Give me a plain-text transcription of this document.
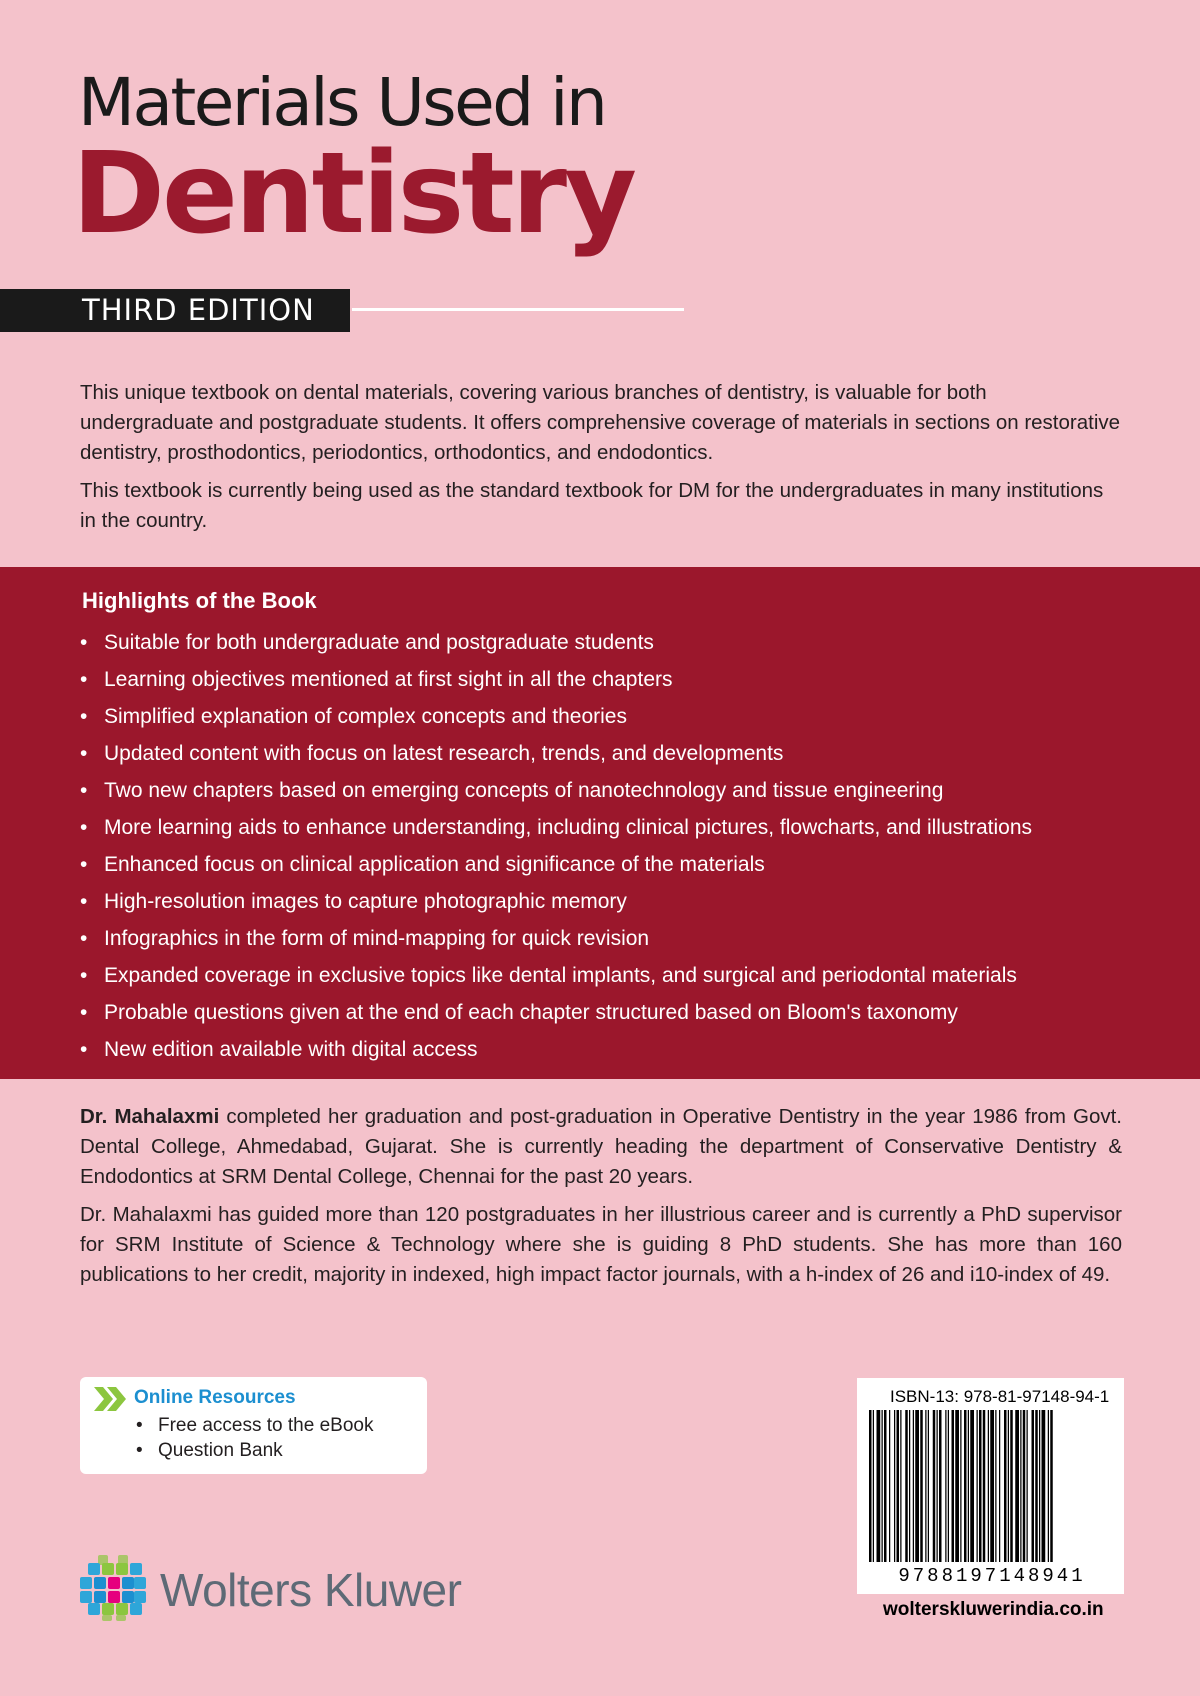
Materials Used in
Dentistry
THIRD EDITION

This unique textbook on dental materials, covering various branches of dentistry, is valuable for both undergraduate and postgraduate students. It offers comprehensive coverage of materials in sections on restorative dentistry, prosthodontics, periodontics, orthodontics, and endodontics.

This textbook is currently being used as the standard textbook for DM for the undergraduates in many institutions in the country.

Highlights of the Book
• Suitable for both undergraduate and postgraduate students
• Learning objectives mentioned at first sight in all the chapters
• Simplified explanation of complex concepts and theories
• Updated content with focus on latest research, trends, and developments
• Two new chapters based on emerging concepts of nanotechnology and tissue engineering
• More learning aids to enhance understanding, including clinical pictures, flowcharts, and illustrations
• Enhanced focus on clinical application and significance of the materials
• High-resolution images to capture photographic memory
• Infographics in the form of mind-mapping for quick revision
• Expanded coverage in exclusive topics like dental implants, and surgical and periodontal materials
• Probable questions given at the end of each chapter structured based on Bloom's taxonomy
• New edition available with digital access

Dr. Mahalaxmi completed her graduation and post-graduation in Operative Dentistry in the year 1986 from Govt. Dental College, Ahmedabad, Gujarat. She is currently heading the department of Conservative Dentistry & Endodontics at SRM Dental College, Chennai for the past 20 years.

Dr. Mahalaxmi has guided more than 120 postgraduates in her illustrious career and is currently a PhD supervisor for SRM Institute of Science & Technology where she is guiding 8 PhD students. She has more than 160 publications to her credit, majority in indexed, high impact factor journals, with a h-index of 26 and i10-index of 49.

Online Resources
• Free access to the eBook
• Question Bank
Wolters Kluwer
ISBN-13: 978-81-97148-94-1
9788197148941
wolterskluwerindia.co.in
